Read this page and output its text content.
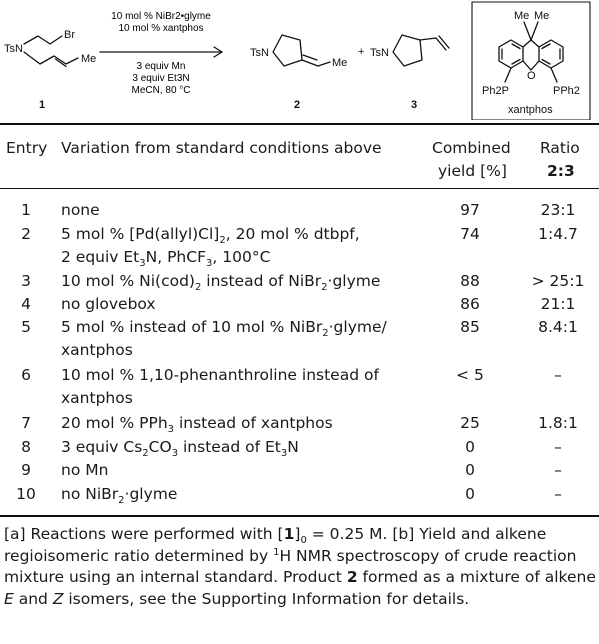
10 mol % NiBr2•glyme
10 mol % xantphos
3 equiv Mn
3 equiv Et3N
MeCN, 80 °C
Br
TsN
Me
1
TsN
Me
2
+ TsN
3
Me Me
O
Ph2P	PPh2
xantphos
Entry Variation from standard conditions above	Combined
yield [%]
Ratio
2:3
1	none	97	23:1
2	5 mol % $[Pd(allyl)Cl]_2$, 20 mol % dtbpf,
2 equiv $Et_3N$, PhCF$_3$, 100°C
74	1:4.7
3	10 mol % $Ni(cod)_2$ instead of NiBr$_2$·glyme	88	> 25:1
4	no glovebox	86	21:1
5	5 mol % instead of 10 mol % NiBr$_2$·glyme/
xantphos
85	8.4:1
6	10 mol % 1,10-phenanthroline instead of
xantphos
< 5	–
7	20 mol % PPh$_3$ instead of xantphos	25	1.8:1
8	3 equiv $Cs_2CO_3$ instead of $Et_3N$	0	–
9	no Mn	0	–
10 no NiBr$_2$·glyme	0	–
[a] Reactions were performed with $[1]_0 = 0.25$ M. [b] Yield and alkene regioisomeric ratio determined by $^1$H NMR spectroscopy of crude reaction mixture using an internal standard. Product 2 formed as a mixture of alkene E and Z isomers, see the Supporting Information for details.
